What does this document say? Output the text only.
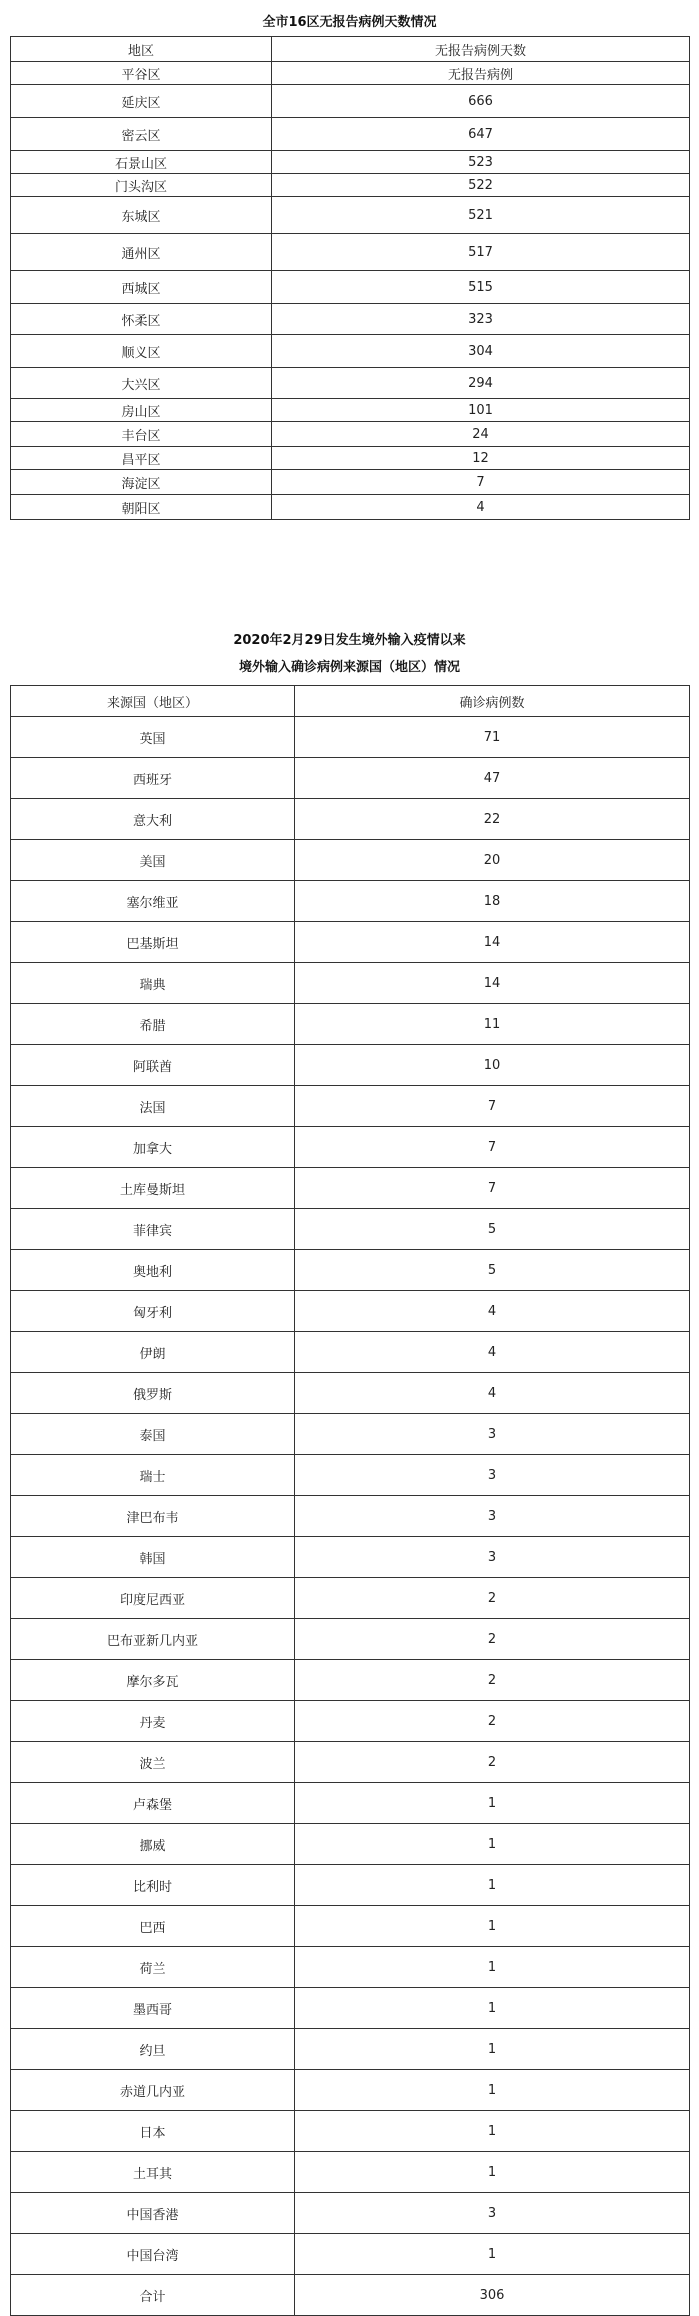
全市16区无报告病例天数情况
地区	无报告病例天数
平谷区	无报告病例
延庆区	666
密云区	647
石景山区	523
门头沟区	522
东城区	521
通州区	517
西城区	515
怀柔区	323
顺义区	304
大兴区	294
房山区	101
丰台区	24
昌平区	12
海淀区	7
朝阳区	4
2020年2月29日发生境外输入疫情以来
境外输入确诊病例来源国（地区）情况
来源国（地区）	确诊病例数
英国	71
西班牙	47
意大利	22
美国	20
塞尔维亚	18
巴基斯坦	14
瑞典	14
希腊	11
阿联酋	10
法国	7
加拿大	7
土库曼斯坦	7
菲律宾	5
奥地利	5
匈牙利	4
伊朗	4
俄罗斯	4
泰国	3
瑞士	3
津巴布韦	3
韩国	3
印度尼西亚	2
巴布亚新几内亚	2
摩尔多瓦	2
丹麦	2
波兰	2
卢森堡	1
挪威	1
比利时	1
巴西	1
荷兰	1
墨西哥	1
约旦	1
赤道几内亚	1
日本	1
土耳其	1
中国香港	3
中国台湾	1
合计	306
